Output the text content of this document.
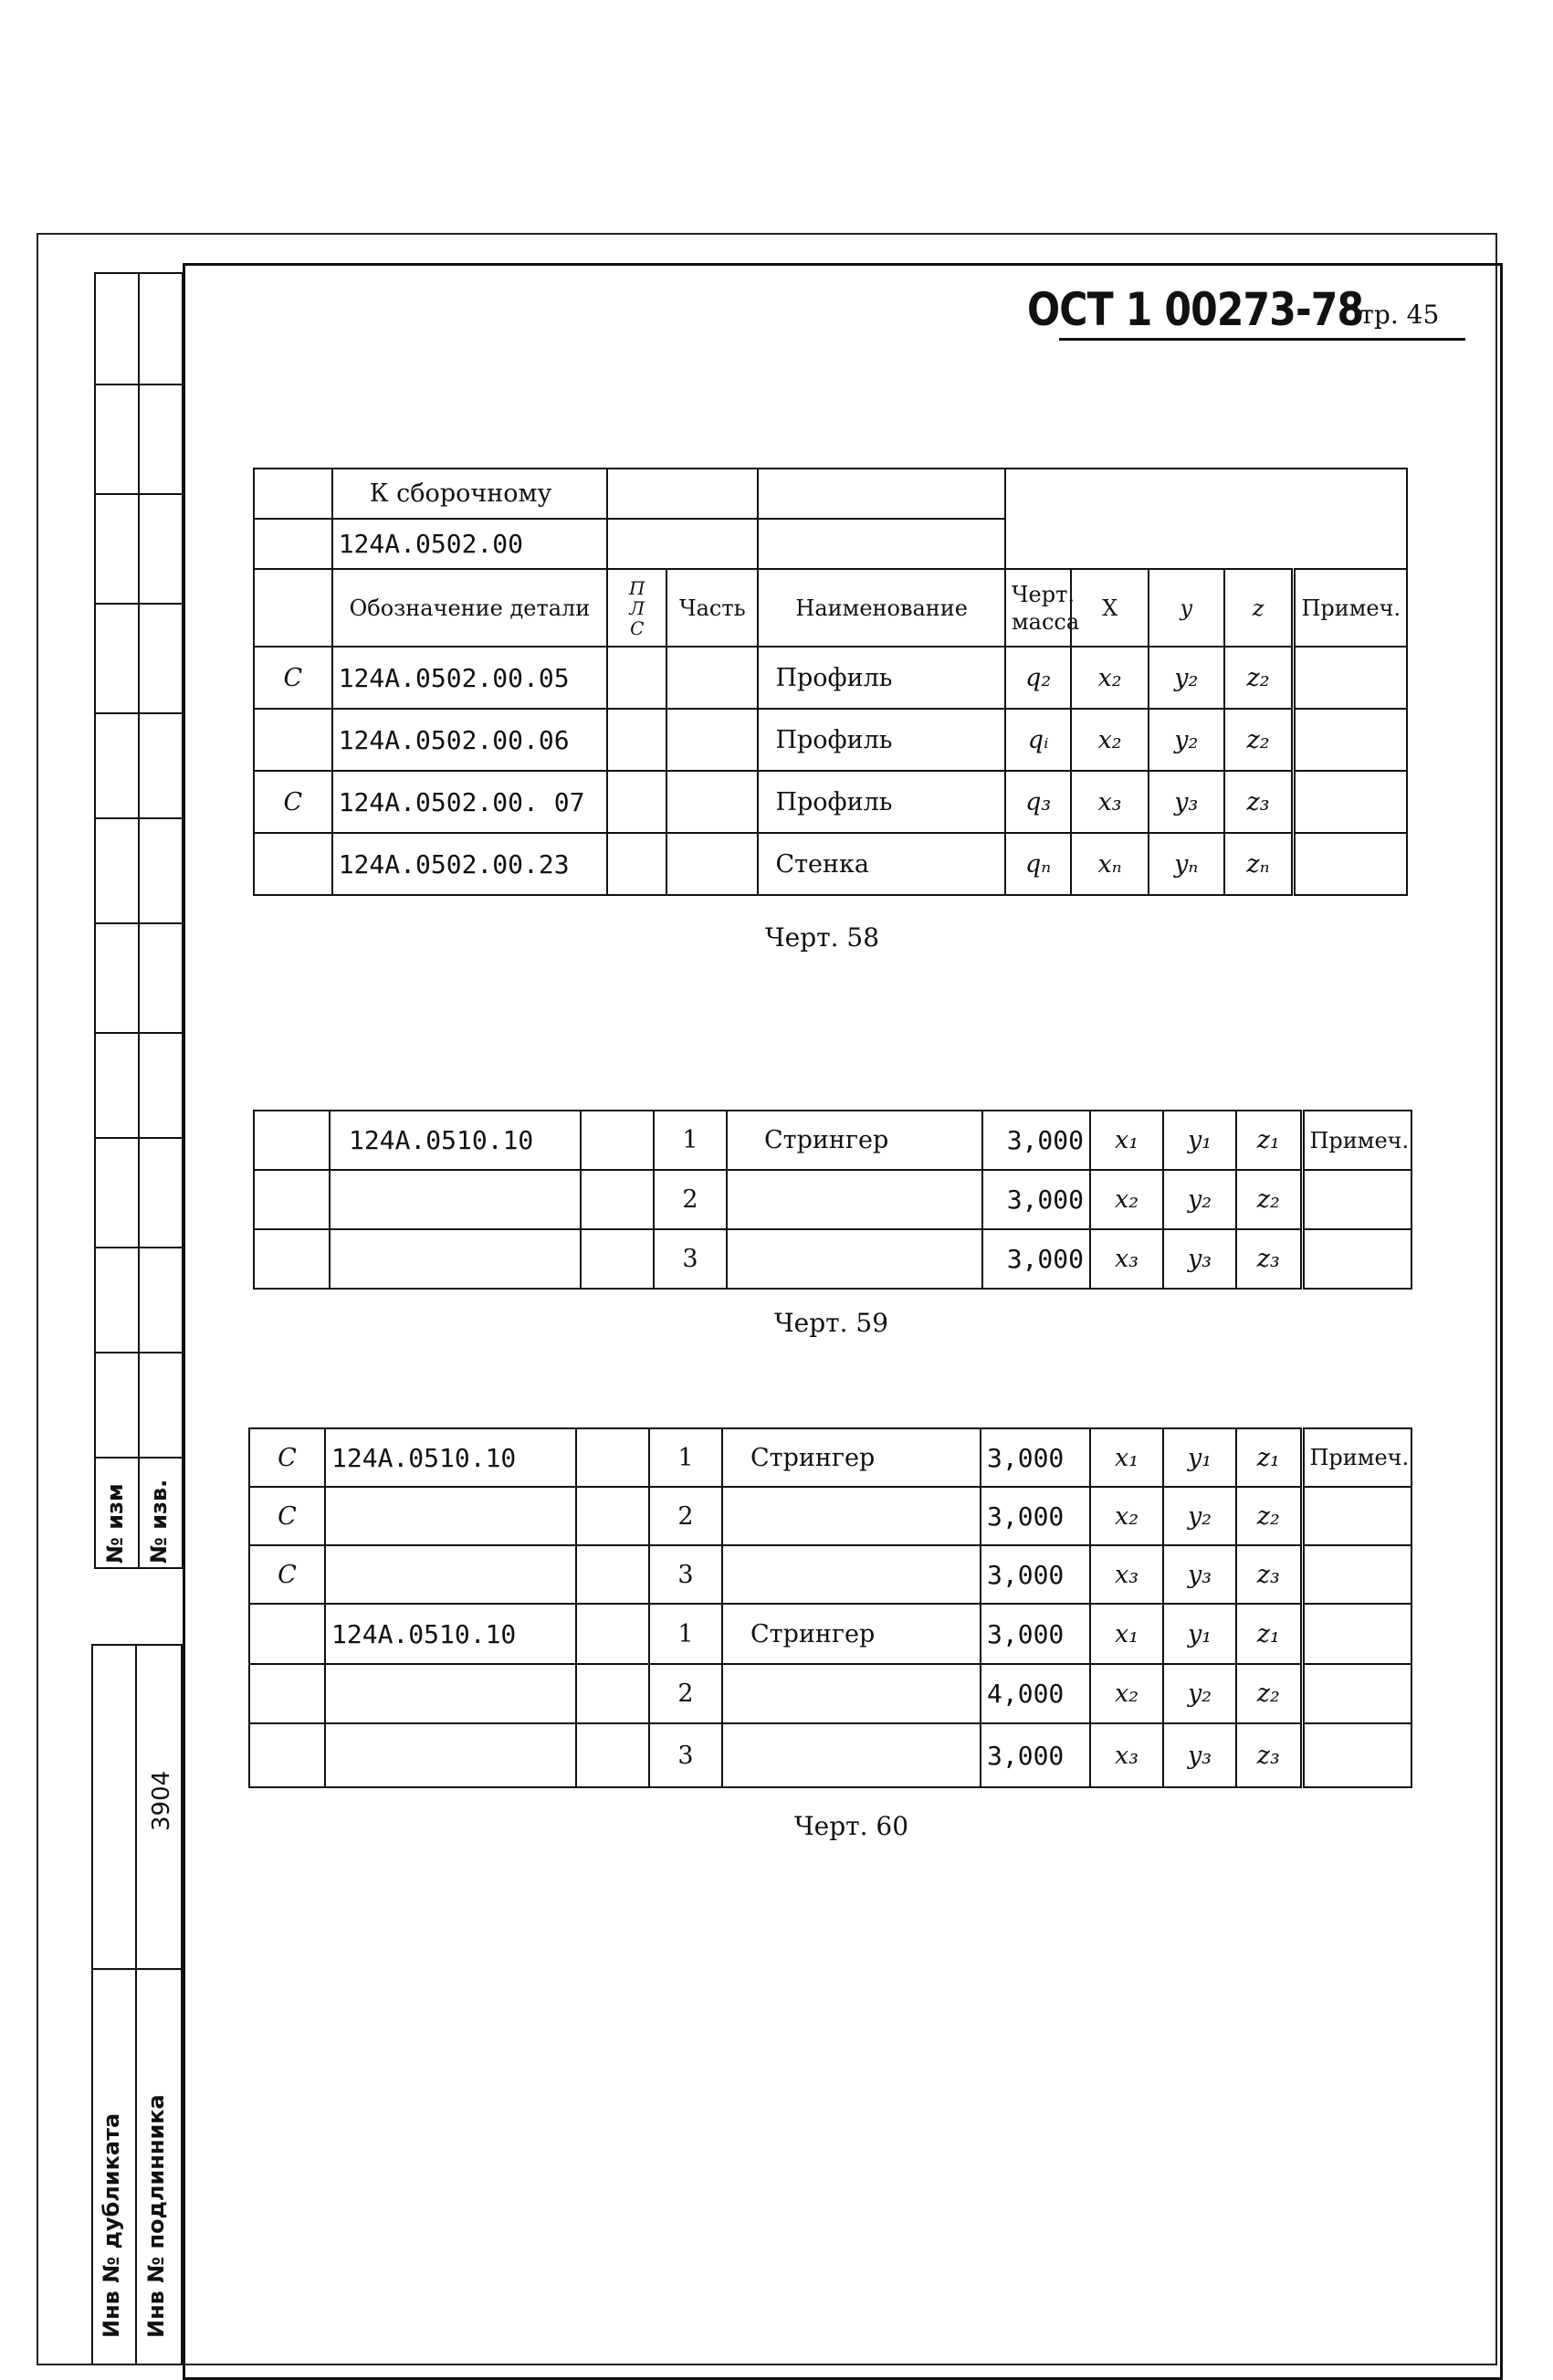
№ изм № изв.
Инв № дубликата Инв № подлинника
3904
ОСТ 1 00273-78
Стр. 45
	К сборочному								
	124А.0502.00								
	Обозначение детали	П Л С	Часть	Наименование	Черт. масса	X	y	z	Примеч.
С	124А.0502.00.05			Профиль	q₂	x₂	y₂	z₂	
	124А.0502.00.06			Профиль	qᵢ	x₂	y₂	z₂	
С	124А.0502.00. 07			Профиль	q₃	x₃	y₃	z₃	
	124А.0502.00.23			Стенка	qₙ	xₙ	yₙ	zₙ	
Черт. 58
	124А.0510.10		1	Стрингер	3,000	x₁	y₁	z₁	Примеч.
			2		3,000	x₂	y₂	z₂	
			3		3,000	x₃	y₃	z₃	
Черт. 59
С	124А.0510.10		1	Стрингер	3,000	x₁	y₁	z₁	Примеч.
С			2		3,000	x₂	y₂	z₂	
С			3		3,000	x₃	y₃	z₃	
	124А.0510.10		1	Стрингер	3,000	x₁	y₁	z₁	
			2		4,000	x₂	y₂	z₂	
			3		3,000	x₃	y₃	z₃	
Черт. 60
